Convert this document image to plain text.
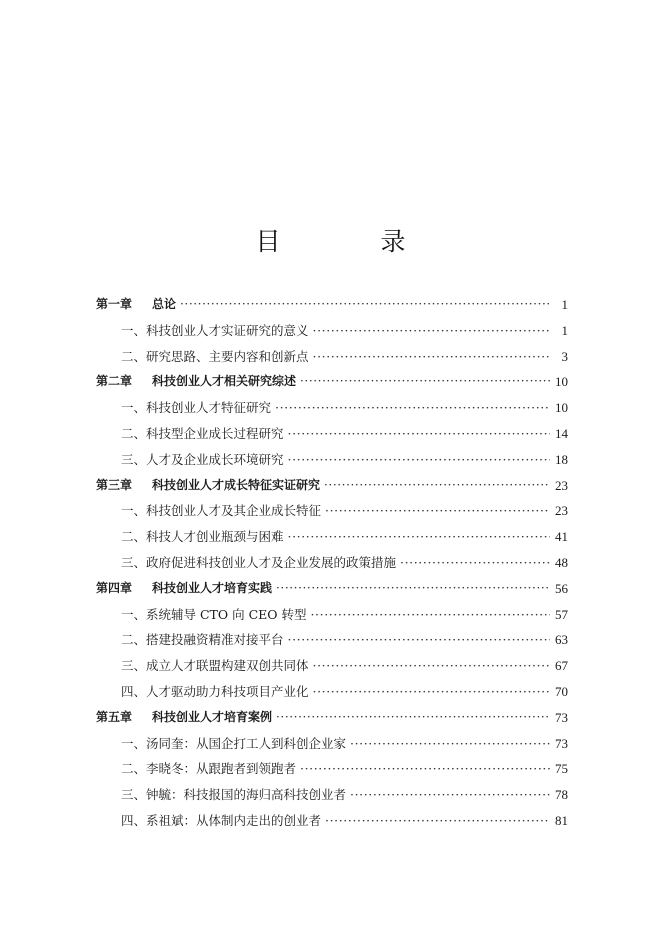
目 录
第一章	总论 ·····	1
一、科技创业人才实证研究的意义 ·····	1
二、研究思路、主要内容和创新点 ·····	3
第二章	科技创业人才相关研究综述 ·····	10
一、科技创业人才特征研究 ·····	10
二、科技型企业成长过程研究 ·····	14
三、人才及企业成长环境研究 ·····	18
第三章	科技创业人才成长特征实证研究 ·····	23
一、科技创业人才及其企业成长特征 ·····	23
二、科技人才创业瓶颈与困难 ·····	41
三、政府促进科技创业人才及企业发展的政策措施 ·····	48
第四章	科技创业人才培育实践 ·····	56
一、系统辅导 CTO 向 CEO 转型 ·····	57
二、搭建投融资精准对接平台 ·····	63
三、成立人才联盟构建双创共同体 ·····	67
四、人才驱动助力科技项目产业化 ·····	70
第五章	科技创业人才培育案例 ·····	73
一、汤同奎：从国企打工人到科创企业家 ·····	73
二、李晓冬：从跟跑者到领跑者 ·····	75
三、钟毓：科技报国的海归高科技创业者 ·····	78
四、系祖斌：从体制内走出的创业者 ·····	81
